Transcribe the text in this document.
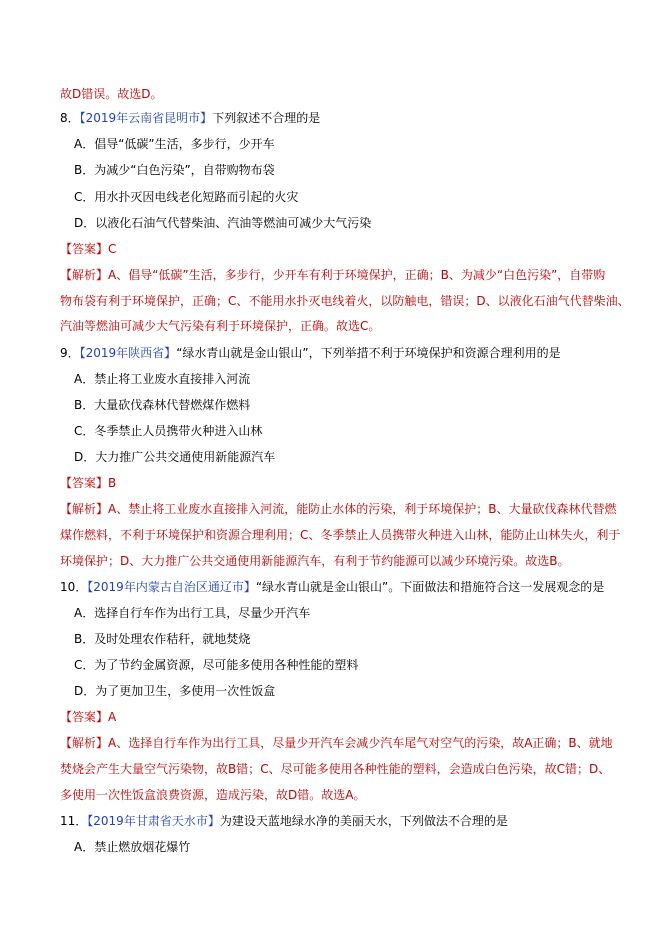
故D错误。故选D。
8．【2019年云南省昆明市】下列叙述不合理的是
A．倡导“低碳”生活，多步行，少开车
B．为减少“白色污染”，自带购物布袋
C．用水扑灭因电线老化短路而引起的火灾
D．以液化石油气代替柴油、汽油等燃油可减少大气污染
【答案】C
【解析】A、倡导“低碳”生活，多步行，少开车有利于环境保护，正确；B、为减少“白色污染”，自带购
物布袋有利于环境保护，正确；C、不能用水扑灭电线着火，以防触电，错误；D、以液化石油气代替柴油、
汽油等燃油可减少大气污染有利于环境保护，正确。故选C。
9．【2019年陕西省】“绿水青山就是金山银山”，下列举措不利于环境保护和资源合理利用的是
A．禁止将工业废水直接排入河流
B．大量砍伐森林代替燃煤作燃料
C．冬季禁止人员携带火种进入山林
D．大力推广公共交通使用新能源汽车
【答案】B
【解析】A、禁止将工业废水直接排入河流，能防止水体的污染，利于环境保护；B、大量砍伐森林代替燃
煤作燃料，不利于环境保护和资源合理利用；C、冬季禁止人员携带火种进入山林，能防止山林失火，利于
环境保护；D、大力推广公共交通使用新能源汽车，有利于节约能源可以减少环境污染。故选B。
10．【2019年内蒙古自治区通辽市】“绿水青山就是金山银山”。下面做法和措施符合这一发展观念的是
A．选择自行车作为出行工具，尽量少开汽车
B．及时处理农作秸秆，就地焚烧
C．为了节约金属资源，尽可能多使用各种性能的塑料
D．为了更加卫生，多使用一次性饭盒
【答案】A
【解析】A、选择自行车作为出行工具，尽量少开汽车会减少汽车尾气对空气的污染，故A正确；B、就地
焚烧会产生大量空气污染物，故B错；C、尽可能多使用各种性能的塑料，会造成白色污染，故C错；D、
多使用一次性饭盒浪费资源，造成污染，故D错。故选A。
11．【2019年甘肃省天水市】为建设天蓝地绿水净的美丽天水，下列做法不合理的是
A．禁止燃放烟花爆竹
